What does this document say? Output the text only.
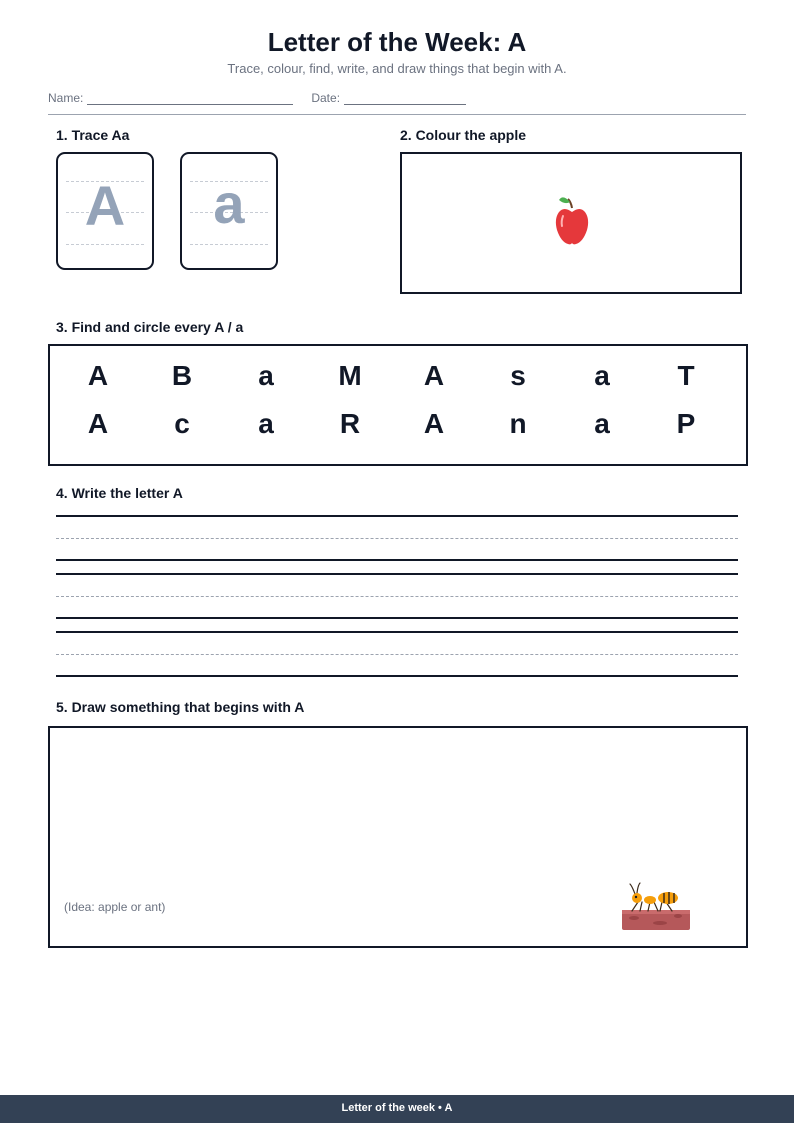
Letter of the Week: A
Trace, colour, find, write, and draw things that begin with A.
Name:	Date:
1. Trace Aa
A	a
2. Colour the apple
3. Find and circle every A / a
A	B	a	M	A	s	a	T
A	c	a	R	A	n	a	P
4. Write the letter A
5. Draw something that begins with A
(Idea: apple or ant)
Letter of the week • A
